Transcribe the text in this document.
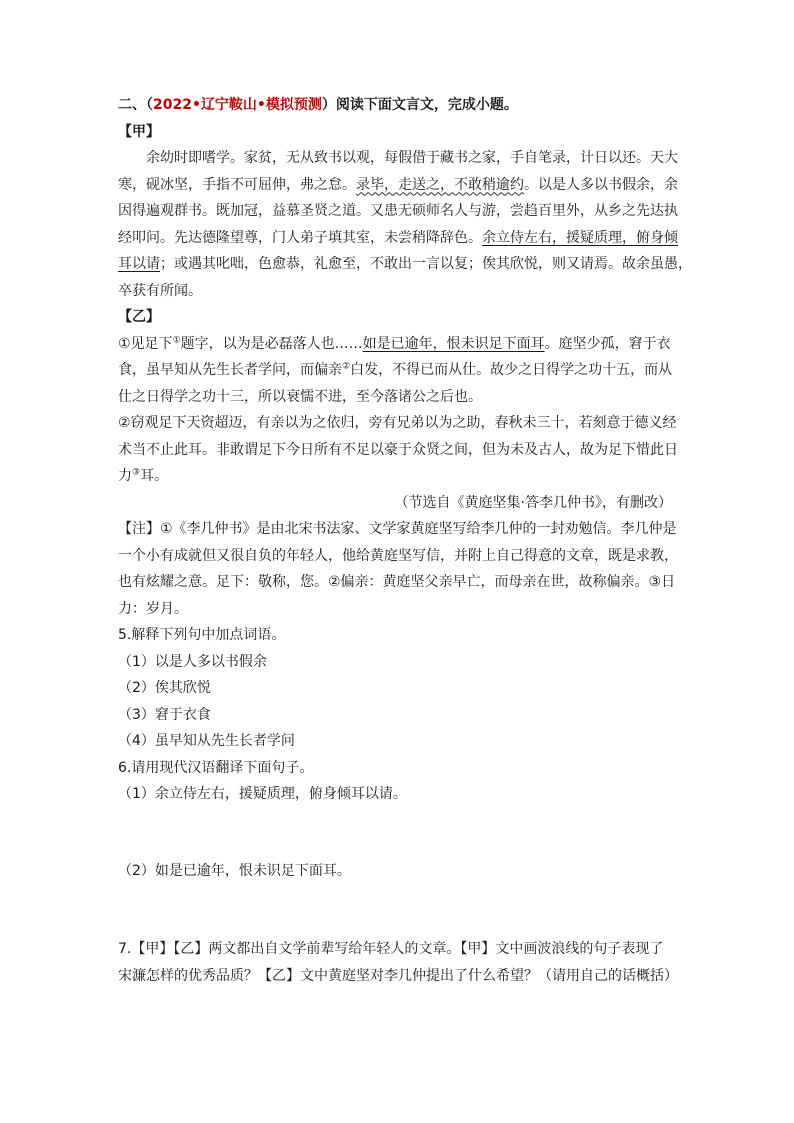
二、（2022•辽宁鞍山•模拟预测）阅读下面文言文，完成小题。
【甲】
余幼时即嗜学。家贫，无从致书以观，每假借于藏书之家，手自笔录，计日以还。天大
寒，砚冰坚，手指不可屈伸，弗之怠。录毕，走送之，不敢稍逾约。以是人多以书假余，余
因得遍观群书。既加冠，益慕圣贤之道。又患无硕师名人与游，尝趋百里外，从乡之先达执
经叩问。先达德隆望尊，门人弟子填其室，未尝稍降辞色。余立侍左右，援疑质理，俯身倾
耳以请；或遇其叱咄，色愈恭，礼愈至，不敢出一言以复；俟其欣悦，则又请焉。故余虽愚，
卒获有所闻。
【乙】
①见足下①题字，以为是必磊落人也……如是已逾年，恨未识足下面耳。庭坚少孤，窘于衣
食，虽早知从先生长者学问，而偏亲②白发，不得已而从仕。故少之日得学之功十五，而从
仕之日得学之功十三，所以衰懦不进，至今落诸公之后也。
②窃观足下天资超迈，有亲以为之依归，旁有兄弟以为之助，春秋未三十，若刻意于德义经
术当不止此耳。非敢谓足下今日所有不足以豪于众贤之间，但为未及古人，故为足下惜此日
力③耳。
（节选自《黄庭坚集·答李几仲书》，有删改）
【注】①《李几仲书》是由北宋书法家、文学家黄庭坚写给李几仲的一封劝勉信。李几仲是
一个小有成就但又很自负的年轻人，他给黄庭坚写信，并附上自己得意的文章，既是求教，
也有炫耀之意。足下：敬称，您。②偏亲：黄庭坚父亲早亡，而母亲在世，故称偏亲。③日
力：岁月。
5.解释下列句中加点词语。
（1）以是人多以书假余
（2）俟其欣悦
（3）窘于衣食
（4）虽早知从先生长者学问
6.请用现代汉语翻译下面句子。
（1）余立侍左右，援疑质理，俯身倾耳以请。
（2）如是已逾年，恨未识足下面耳。
7.【甲】【乙】两文都出自文学前辈写给年轻人的文章。【甲】文中画波浪线的句子表现了
宋濂怎样的优秀品质？【乙】文中黄庭坚对李几仲提出了什么希望？（请用自己的话概括）
